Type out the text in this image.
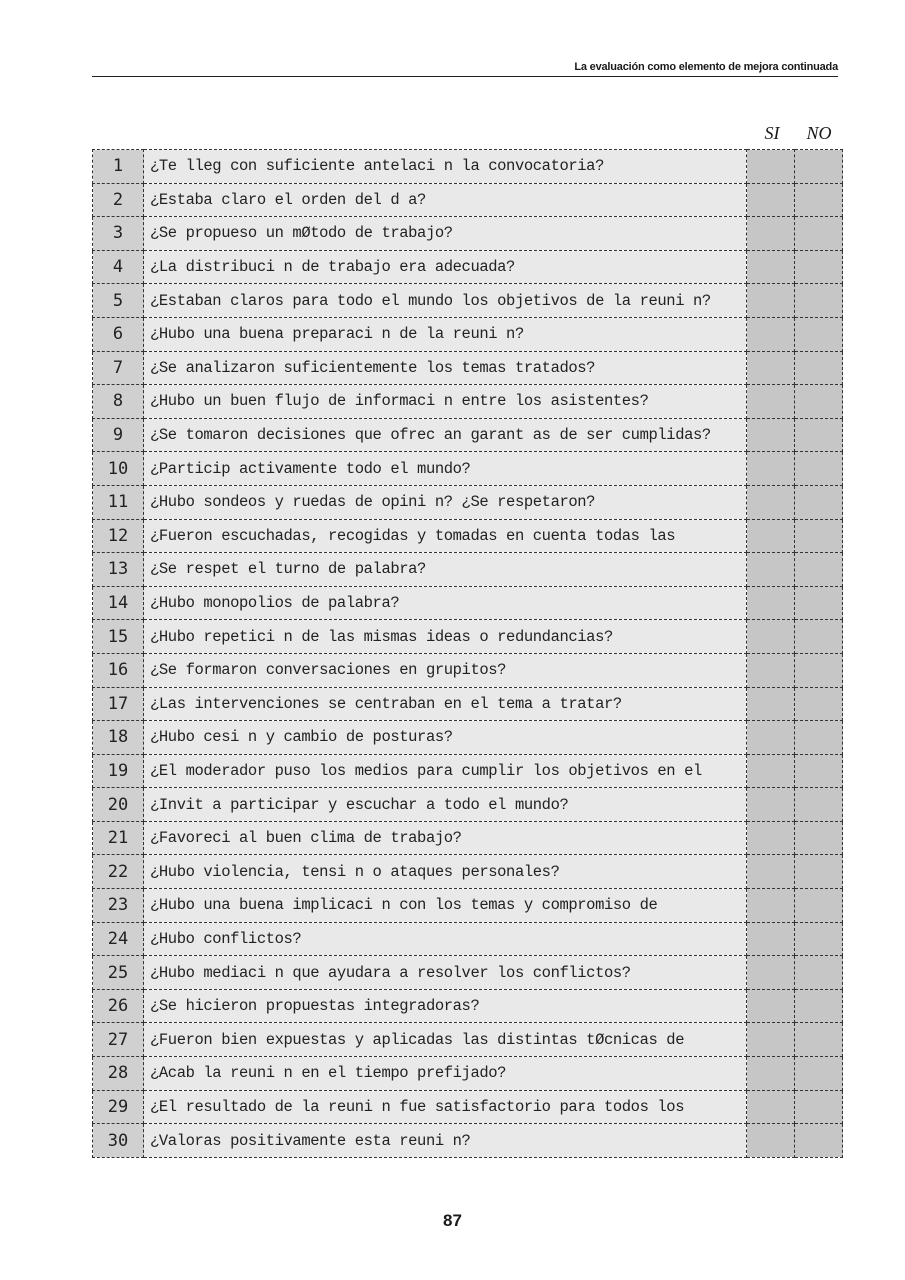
La evaluación como elemento de mejora continuada
SI	NO
1	¿Te lleg con suficiente antelaci n la convocatoria?		
2	¿Estaba claro el orden del d a?		
3	¿Se propueso un mØtodo de trabajo?		
4	¿La distribuci n de trabajo era adecuada?		
5	¿Estaban claros para todo el mundo los objetivos de la reuni n?		
6	¿Hubo una buena preparaci n de la reuni n?		
7	¿Se analizaron suficientemente los temas tratados?		
8	¿Hubo un buen flujo de informaci n entre los asistentes?		
9	¿Se tomaron decisiones que ofrec an garant as de ser cumplidas?		
10	¿Particip activamente todo el mundo?		
11	¿Hubo sondeos y ruedas de opini n? ¿Se respetaron?		
12	¿Fueron escuchadas, recogidas y tomadas en cuenta todas las		
13	¿Se respet el turno de palabra?		
14	¿Hubo monopolios de palabra?		
15	¿Hubo repetici n de las mismas ideas o redundancias?		
16	¿Se formaron conversaciones en grupitos?		
17	¿Las intervenciones se centraban en el tema a tratar?		
18	¿Hubo cesi n y cambio de posturas?		
19	¿El moderador puso los medios para cumplir los objetivos en el		
20	¿Invit a participar y escuchar a todo el mundo?		
21	¿Favoreci al buen clima de trabajo?		
22	¿Hubo violencia, tensi n o ataques personales?		
23	¿Hubo una buena implicaci n con los temas y compromiso de		
24	¿Hubo conflictos?		
25	¿Hubo mediaci n que ayudara a resolver los conflictos?		
26	¿Se hicieron propuestas integradoras?		
27	¿Fueron bien expuestas y aplicadas las distintas tØcnicas de		
28	¿Acab la reuni n en el tiempo prefijado?		
29	¿El resultado de la reuni n fue satisfactorio para todos los		
30	¿Valoras positivamente esta reuni n?		
87
